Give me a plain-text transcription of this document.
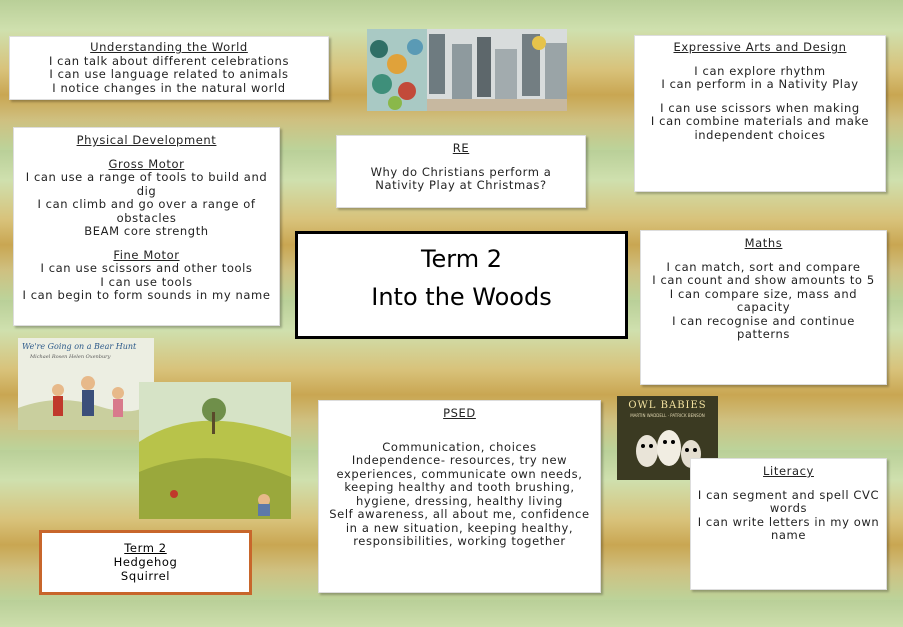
Understanding the World

I can talk about different celebrations

I can use language related to animals

I notice changes in the natural world

Expressive Arts and Design

I can explore rhythm

I can perform in a Nativity Play

I can use scissors when making

I can combine materials and make independent choices

Physical Development
Gross Motor

I can use a range of tools to build and dig

I can climb and go over a range of obstacles

BEAM core strength

Fine Motor

I can use scissors and other tools

I can use tools

I can begin to form sounds in my name

RE

Why do Christians perform a Nativity Play at Christmas?

Term 2
Into the Woods
Maths

I can match, sort and compare

I can count and show amounts to 5

I can compare size, mass and capacity

I can recognise and continue patterns

We're Going on a Bear Hunt
Michael Rosen Helen Oxenbury
PSED

Communication, choices

Independence- resources, try new experiences, communicate own needs, keeping healthy and tooth brushing, hygiene, dressing, healthy living

Self awareness, all about me, confidence in a new situation, keeping healthy, responsibilities, working together

OWL BABIES
MARTIN WADDELL · PATRICK BENSON
Literacy

I can segment and spell CVC words

I can write letters in my own name

Term 2

Hedgehog

Squirrel
